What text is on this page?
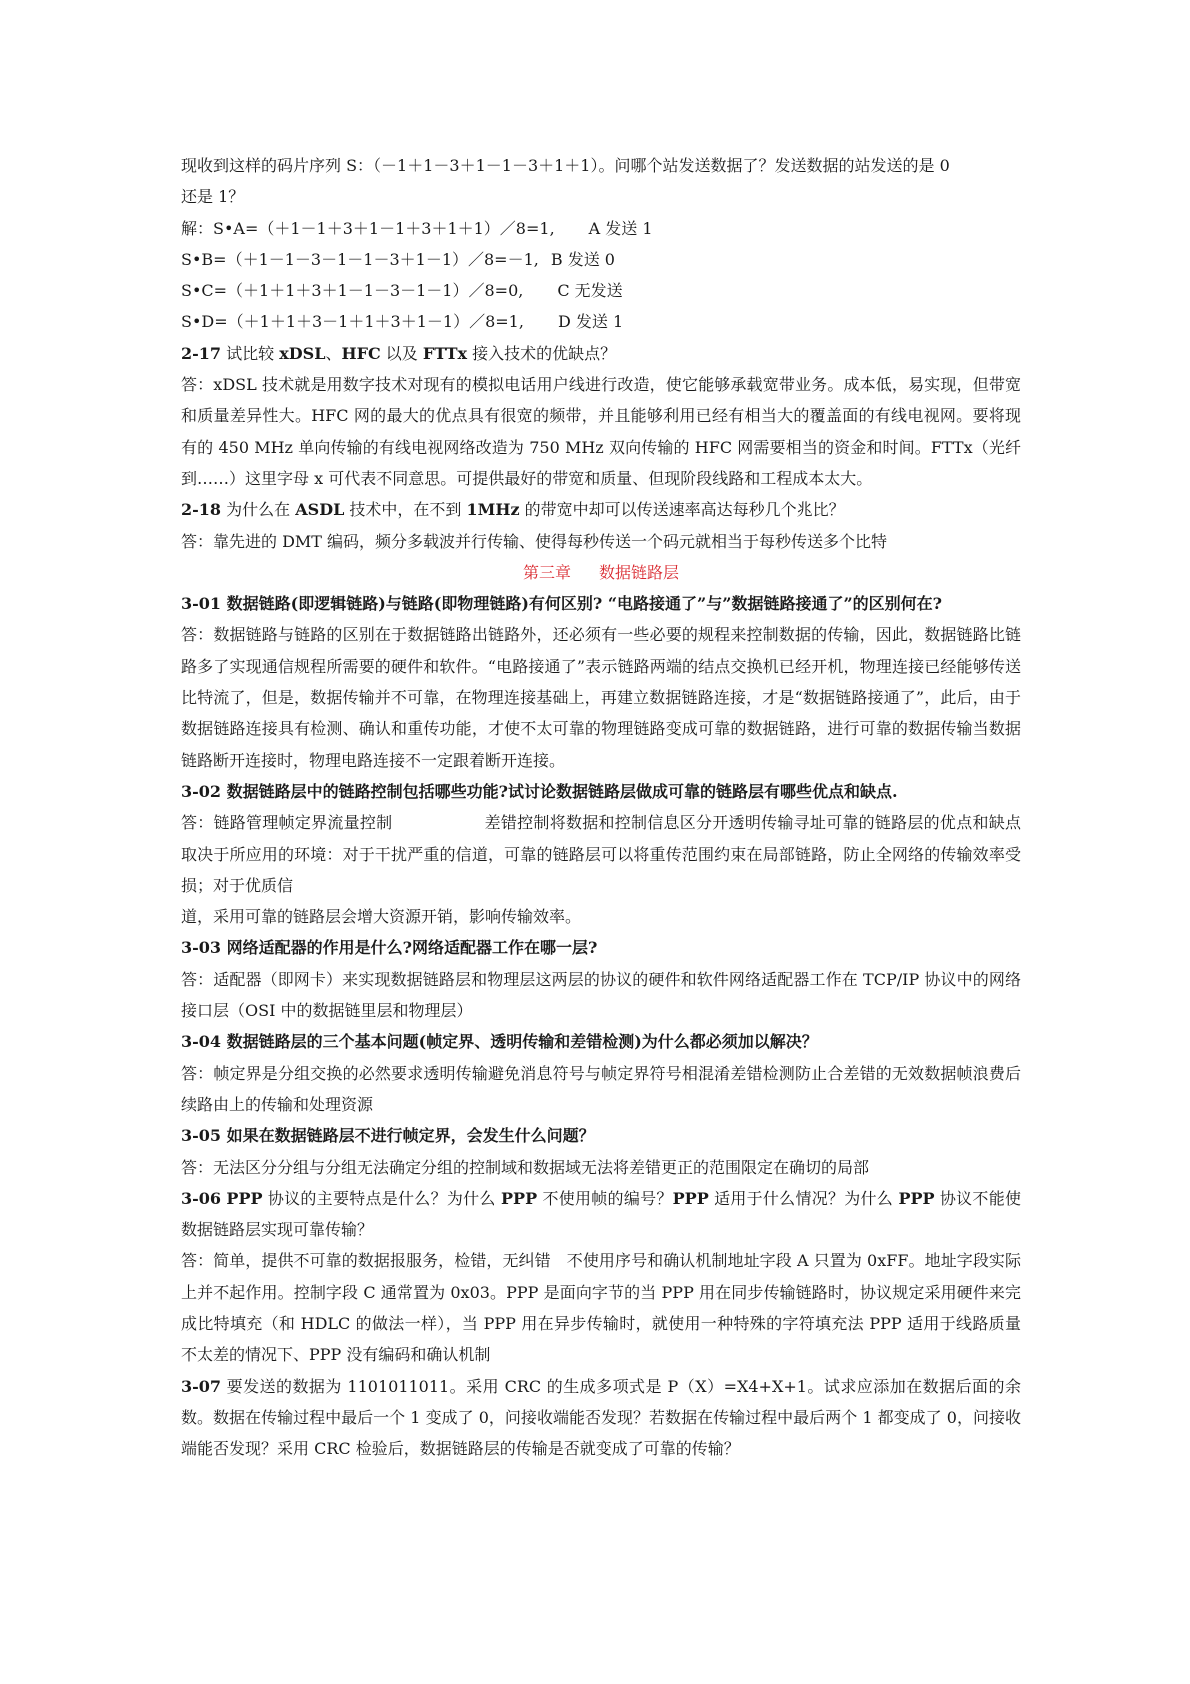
现收到这样的码片序列 S：（－1＋1－3＋1－1－3＋1＋1）。问哪个站发送数据了？发送数据的站发送的是 0

还是 1？

解：S•A=（＋1－1＋3＋1－1＋3＋1＋1）／8=1, A 发送 1

S•B=（＋1－1－3－1－1－3＋1－1）／8=－1, B 发送 0

S•C=（＋1＋1＋3＋1－1－3－1－1）／8=0, C 无发送

S•D=（＋1＋1＋3－1＋1＋3＋1－1）／8=1, D 发送 1

2-17 试比较 xDSL、HFC 以及 FTTx 接入技术的优缺点？

答：xDSL 技术就是用数字技术对现有的模拟电话用户线进行改造，使它能够承载宽带业务。成本低，易实现，但带宽和质量差异性大。HFC 网的最大的优点具有很宽的频带，并且能够利用已经有相当大的覆盖面的有线电视网。要将现有的 450 MHz 单向传输的有线电视网络改造为 750 MHz 双向传输的 HFC 网需要相当的资金和时间。FTTx（光纤到……）这里字母 x 可代表不同意思。可提供最好的带宽和质量、但现阶段线路和工程成本太大。

2-18 为什么在 ASDL 技术中，在不到 1MHz 的带宽中却可以传送速率高达每秒几个兆比？

答：靠先进的 DMT 编码，频分多载波并行传输、使得每秒传送一个码元就相当于每秒传送多个比特

第三章 数据链路层

3-01 数据链路(即逻辑链路)与链路(即物理链路)有何区别? “电路接通了”与”数据链路接通了”的区别何在?

答：数据链路与链路的区别在于数据链路出链路外，还必须有一些必要的规程来控制数据的传输，因此，数据链路比链路多了实现通信规程所需要的硬件和软件。“电路接通了”表示链路两端的结点交换机已经开机，物理连接已经能够传送比特流了，但是，数据传输并不可靠，在物理连接基础上，再建立数据链路连接，才是“数据链路接通了”，此后，由于数据链路连接具有检测、确认和重传功能，才使不太可靠的物理链路变成可靠的数据链路，进行可靠的数据传输当数据链路断开连接时，物理电路连接不一定跟着断开连接。

3-02 数据链路层中的链路控制包括哪些功能?试讨论数据链路层做成可靠的链路层有哪些优点和缺点.

答：链路管理帧定界流量控制	差错控制将数据和控制信息区分开透明传输寻址可靠的链路层的优点和缺点取决于所应用的环境：对于干扰严重的信道，可靠的链路层可以将重传范围约束在局部链路，防止全网络的传输效率受损；对于优质信

道，采用可靠的链路层会增大资源开销，影响传输效率。

3-03 网络适配器的作用是什么?网络适配器工作在哪一层?

答：适配器（即网卡）来实现数据链路层和物理层这两层的协议的硬件和软件网络适配器工作在 TCP/IP 协议中的网络接口层（OSI 中的数据链里层和物理层）

3-04 数据链路层的三个基本问题(帧定界、透明传输和差错检测)为什么都必须加以解决？

答：帧定界是分组交换的必然要求透明传输避免消息符号与帧定界符号相混淆差错检测防止合差错的无效数据帧浪费后续路由上的传输和处理资源

3-05 如果在数据链路层不进行帧定界，会发生什么问题？

答：无法区分分组与分组无法确定分组的控制域和数据域无法将差错更正的范围限定在确切的局部

3-06 PPP 协议的主要特点是什么？为什么 PPP 不使用帧的编号？PPP 适用于什么情况？为什么 PPP 协议不能使数据链路层实现可靠传输？

答：简单，提供不可靠的数据报服务，检错，无纠错　不使用序号和确认机制地址字段 A 只置为 0xFF。地址字段实际上并不起作用。控制字段 C 通常置为 0x03。PPP 是面向字节的当 PPP 用在同步传输链路时，协议规定采用硬件来完成比特填充（和 HDLC 的做法一样），当 PPP 用在异步传输时，就使用一种特殊的字符填充法 PPP 适用于线路质量不太差的情况下、PPP 没有编码和确认机制

3-07 要发送的数据为 1101011011。采用 CRC 的生成多项式是 P（X）=X4+X+1。试求应添加在数据后面的余数。数据在传输过程中最后一个 1 变成了 0，问接收端能否发现？若数据在传输过程中最后两个 1 都变成了 0，问接收端能否发现？采用 CRC 检验后，数据链路层的传输是否就变成了可靠的传输？
